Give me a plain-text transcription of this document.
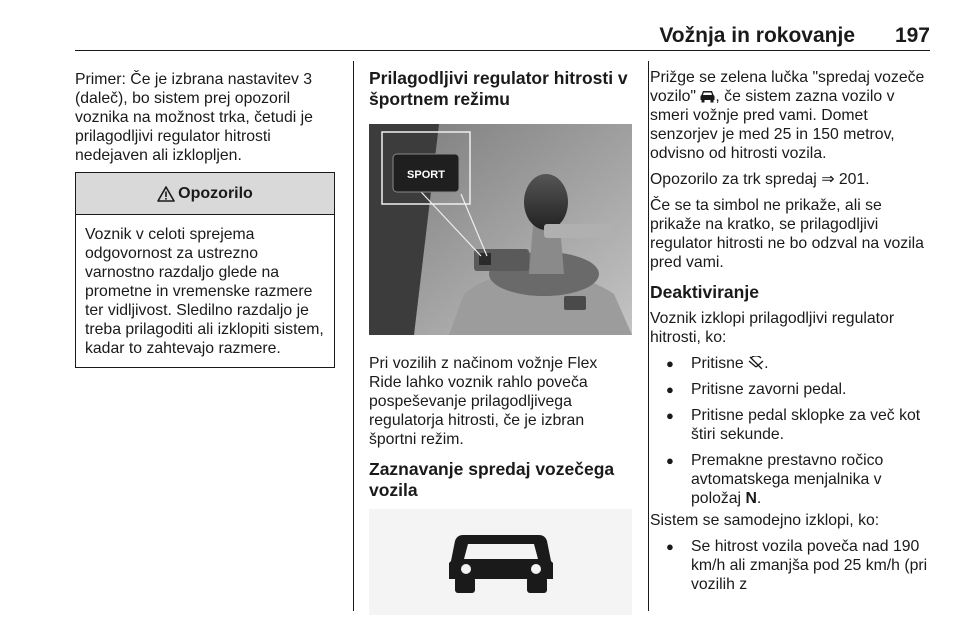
Vožnja in rokovanje	197

Primer: Če je izbrana nastavitev 3 (daleč), bo sistem prej opozoril voznika na možnost trka, četudi je prilagodljivi regulator hitrosti nedejaven ali izklopljen.

Opozorilo
Voznik v celoti sprejema odgovornost za ustrezno varnostno razdaljo glede na prometne in vremenske razmere ter vidljivost. Sledilno razdaljo je treba prilagoditi ali izklopiti sistem, kadar to zahtevajo razmere.
Prilagodljivi regulator hitrosti v športnem režimu
SPORT

Pri vozilih z načinom vožnje Flex Ride lahko voznik rahlo poveča pospeševanje prilagodljivega regulatorja hitrosti, če je izbran športni režim.

Zaznavanje spredaj vozečega vozila

Prižge se zelena lučka "spredaj vozeče vozilo" , če sistem zazna vozilo v smeri vožnje pred vami. Domet senzorjev je med 25 in 150 metrov, odvisno od hitrosti vozila.

Opozorilo za trk spredaj ⇒ 201.

Če se ta simbol ne prikaže, ali se prikaže na kratko, se prilagodljivi regulator hitrosti ne bo odzval na vozila pred vami.

Deaktiviranje

Voznik izklopi prilagodljivi regulator hitrosti, ko:

● Pritisne .
● Pritisne zavorni pedal.
● Pritisne pedal sklopke za več kot štiri sekunde.
● Premakne prestavno ročico avtomatskega menjalnika v položaj N.

Sistem se samodejno izklopi, ko:

● Se hitrost vozila poveča nad 190 km/h ali zmanjša pod 25 km/h (pri vozilih z
